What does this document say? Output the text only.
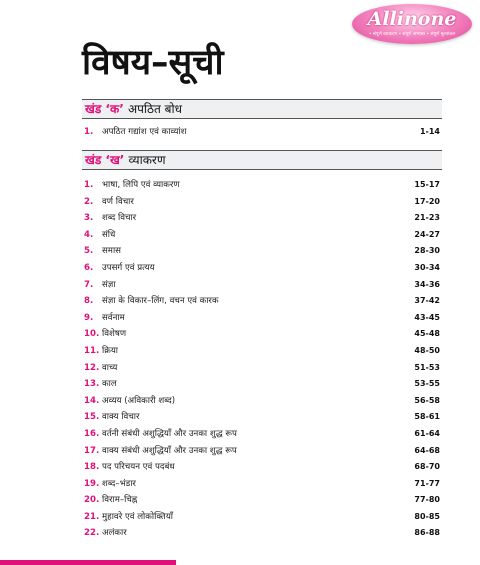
Allinone
• संपूर्ण व्याकरण • संपूर्ण अभ्यास • संपूर्ण मूल्यांकन
विषय–सूची
खंड ‘क’ अपठित बोध
1. अपठित गद्यांश एवं काव्यांश	1-14
खंड ‘ख’ व्याकरण
1. भाषा, लिपि एवं व्याकरण	15-17
2. वर्ण विचार	17-20
3. शब्द विचार	21-23
4. संधि	24-27
5. समास	28-30
6. उपसर्ग एवं प्रत्यय	30-34
7. संज्ञा	34-36
8. संज्ञा के विकार–लिंग, वचन एवं कारक	37-42
9. सर्वनाम	43-45
10. विशेषण	45-48
11. क्रिया	48-50
12. वाच्य	51-53
13. काल	53-55
14. अव्यय (अविकारी शब्द)	56-58
15. वाक्य विचार	58-61
16. वर्तनी संबंधी अशुद्धियाँ और उनका शुद्ध रूप	61-64
17. वाक्य संबंधी अशुद्धियाँ और उनका शुद्ध रूप	64-68
18. पद परिचयन एवं पदबंध	68-70
19. शब्द–भंडार	71-77
20. विराम–चिह्न	77-80
21. मुहावरे एवं लोकोक्तियाँ	80-85
22. अलंकार	86-88
